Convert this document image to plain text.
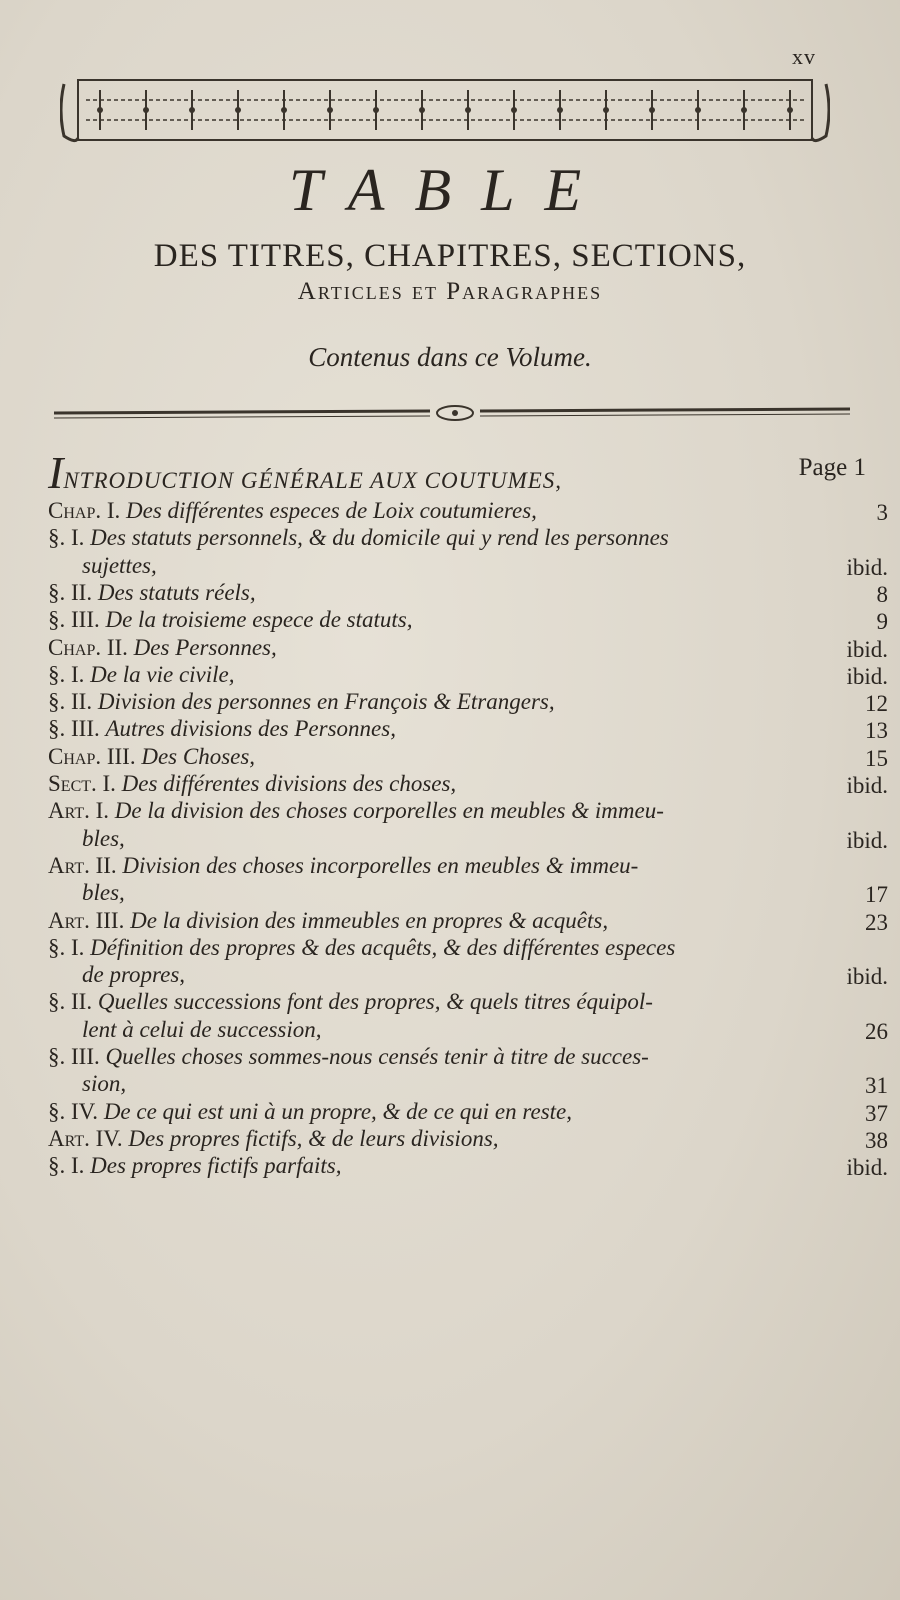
xv
TABLE
DES TITRES, CHAPITRES, SECTIONS,
Articles et Paragraphes
Contenus dans ce Volume.
INTRODUCTION GÉNÉRALE AUX COUTUMES,	Page 1
Chap. I. Des différentes especes de Loix coutumieres,	3
§. I. Des statuts personnels, & du domicile qui y rend les personnes
sujettes,	ibid.
§. II. Des statuts réels,	8
§. III. De la troisieme espece de statuts,	9
Chap. II. Des Personnes,	ibid.
§. I. De la vie civile,	ibid.
§. II. Division des personnes en François & Etrangers,	12
§. III. Autres divisions des Personnes,	13
Chap. III. Des Choses,	15
Sect. I. Des différentes divisions des choses,	ibid.
Art. I. De la division des choses corporelles en meubles & immeu-
bles,	ibid.
Art. II. Division des choses incorporelles en meubles & immeu-
bles,	17
Art. III. De la division des immeubles en propres & acquêts,	23
§. I. Définition des propres & des acquêts, & des différentes especes
de propres,	ibid.
§. II. Quelles successions font des propres, & quels titres équipol-
lent à celui de succession,	26
§. III. Quelles choses sommes-nous censés tenir à titre de succes-
sion,	31
§. IV. De ce qui est uni à un propre, & de ce qui en reste,	37
Art. IV. Des propres fictifs, & de leurs divisions,	38
§. I. Des propres fictifs parfaits,	ibid.
